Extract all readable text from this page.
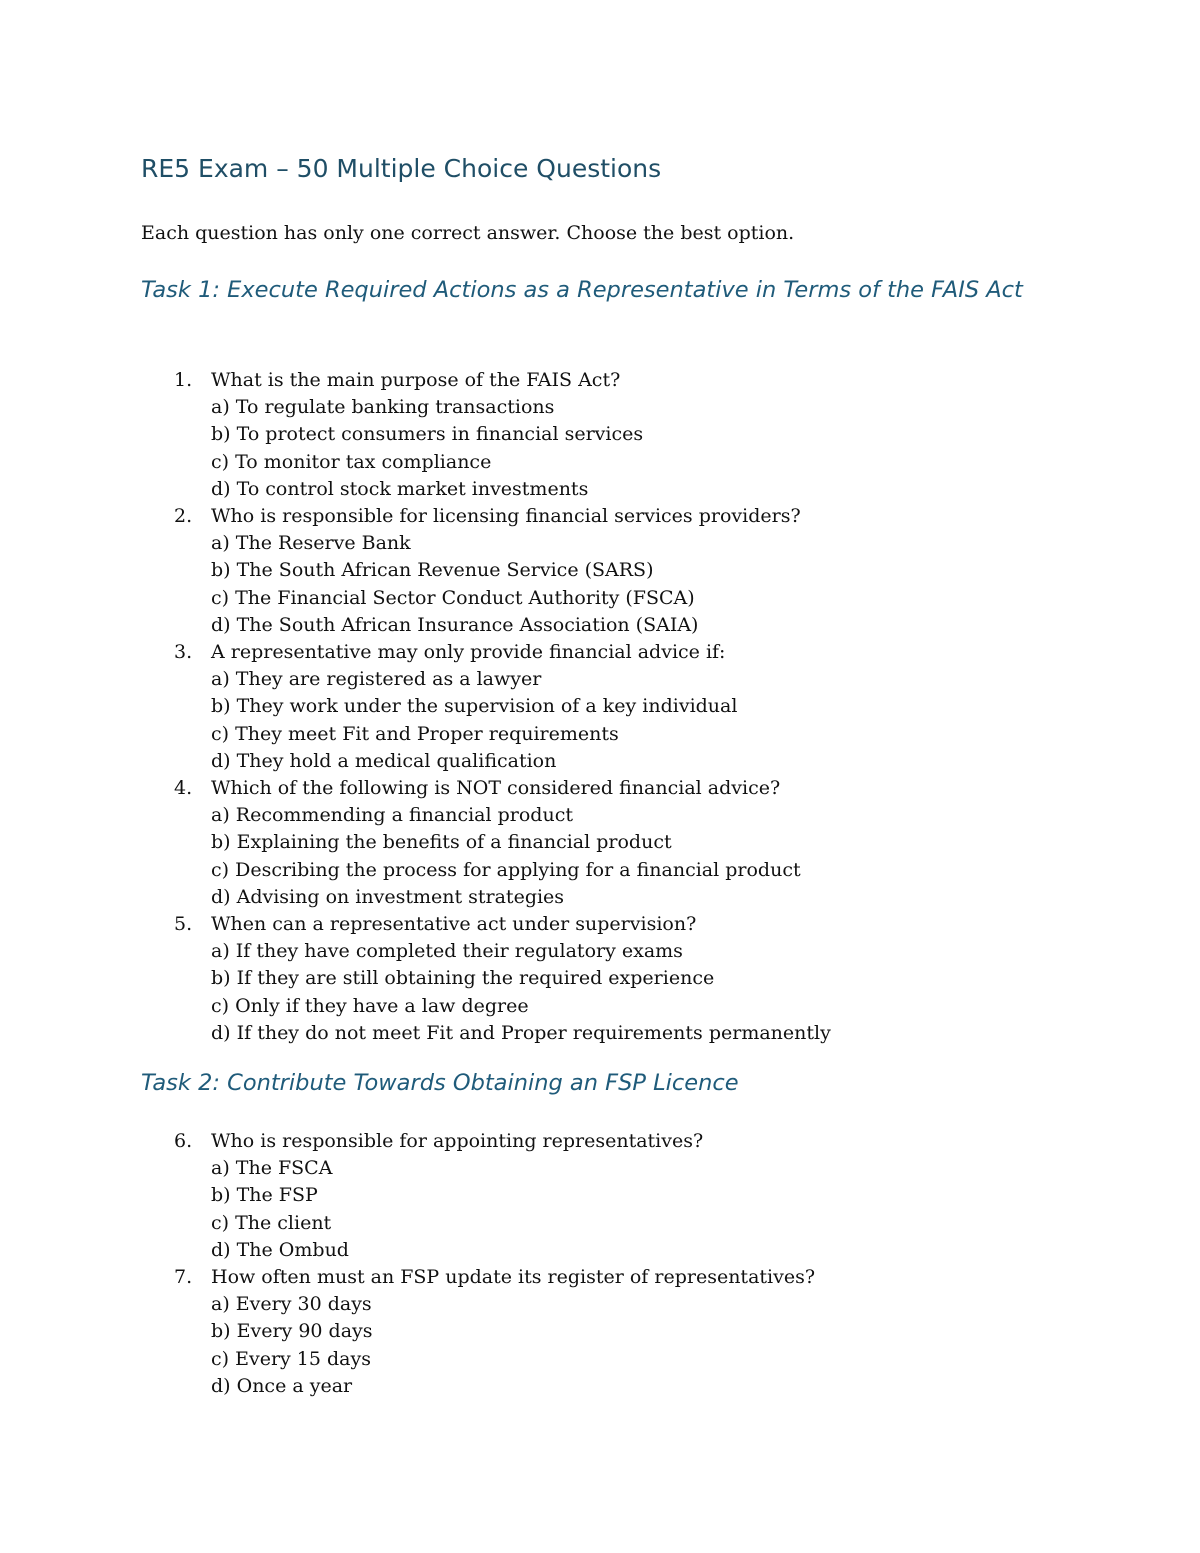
RE5 Exam – 50 Multiple Choice Questions

Each question has only one correct answer. Choose the best option.

Task 1: Execute Required Actions as a Representative in Terms of the FAIS Act
1. What is the main purpose of the FAIS Act?
a) To regulate banking transactions
b) To protect consumers in financial services
c) To monitor tax compliance
d) To control stock market investments
2. Who is responsible for licensing financial services providers?
a) The Reserve Bank
b) The South African Revenue Service (SARS)
c) The Financial Sector Conduct Authority (FSCA)
d) The South African Insurance Association (SAIA)
3. A representative may only provide financial advice if:
a) They are registered as a lawyer
b) They work under the supervision of a key individual
c) They meet Fit and Proper requirements
d) They hold a medical qualification
4. Which of the following is NOT considered financial advice?
a) Recommending a financial product
b) Explaining the benefits of a financial product
c) Describing the process for applying for a financial product
d) Advising on investment strategies
5. When can a representative act under supervision?
a) If they have completed their regulatory exams
b) If they are still obtaining the required experience
c) Only if they have a law degree
d) If they do not meet Fit and Proper requirements permanently
Task 2: Contribute Towards Obtaining an FSP Licence
6. Who is responsible for appointing representatives?
a) The FSCA
b) The FSP
c) The client
d) The Ombud
7. How often must an FSP update its register of representatives?
a) Every 30 days
b) Every 90 days
c) Every 15 days
d) Once a year
